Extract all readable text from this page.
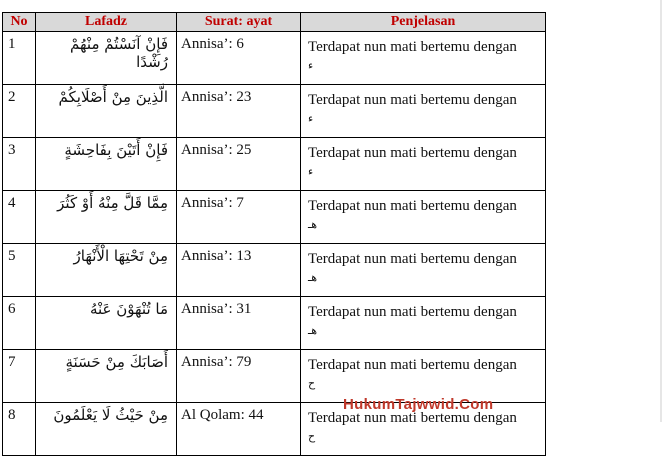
No	Lafadz	Surat: ayat	Penjelasan
1	فَإِنْ آنَسْتُمْ مِنْهُمْ رُشْدًا	Annisa’: 6	Terdapat nun mati bertemu dengan
ء

2	الَّذِينَ مِنْ أَصْلَابِكُمْ	Annisa’: 23	Terdapat nun mati bertemu dengan
ء

3	فَإِنْ أَتَيْنَ بِفَاحِشَةٍ	Annisa’: 25	Terdapat nun mati bertemu dengan
ء

4	مِمَّا قَلَّ مِنْهُ أَوْ كَثُرَ	Annisa’: 7	Terdapat nun mati bertemu dengan
هـ

5	مِنْ تَحْتِهَا الْأَنْهَارُ	Annisa’: 13	Terdapat nun mati bertemu dengan
هـ

6	مَا تُنْهَوْنَ عَنْهُ	Annisa’: 31	Terdapat nun mati bertemu dengan
هـ

7	أَصَابَكَ مِنْ حَسَنَةٍ	Annisa’: 79	Terdapat nun mati bertemu dengan
ح

8	مِنْ حَيْثُ لَا يَعْلَمُونَ	Al Qolam: 44	Terdapat nun mati bertemu dengan
ح
HukumTajwwid.Com
